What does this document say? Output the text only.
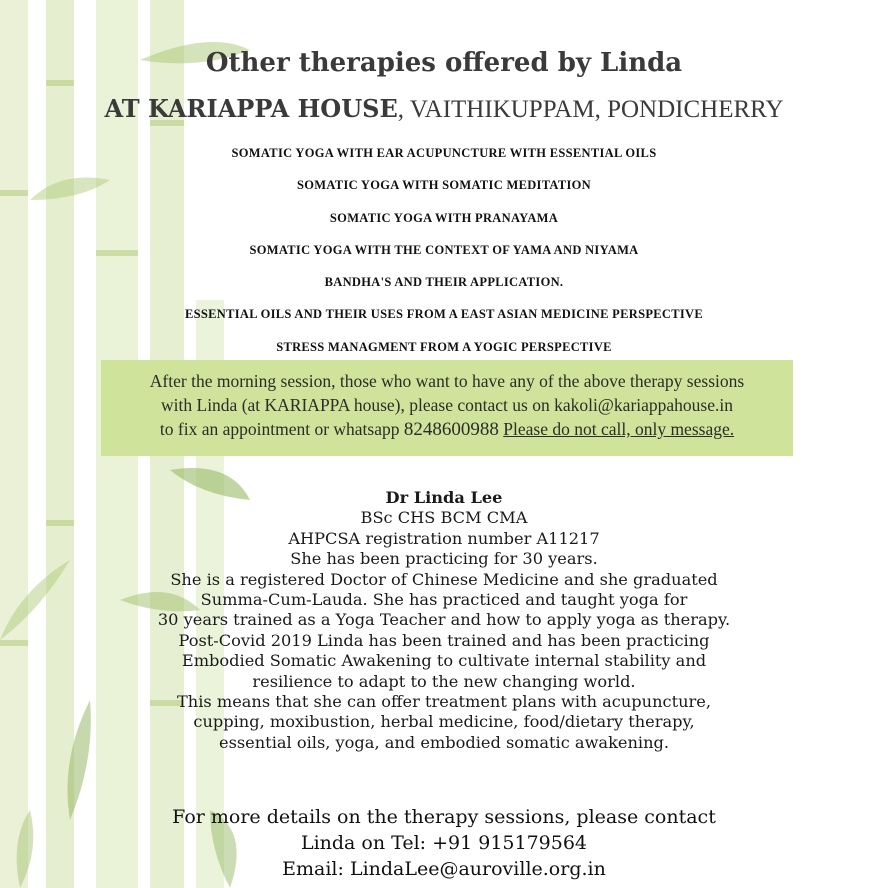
Other therapies offered by Linda
AT KARIAPPA HOUSE, VAITHIKUPPAM, PONDICHERRY
SOMATIC YOGA WITH EAR ACUPUNCTURE WITH ESSENTIAL OILS
SOMATIC YOGA WITH SOMATIC MEDITATION
SOMATIC YOGA WITH PRANAYAMA
SOMATIC YOGA WITH THE CONTEXT OF YAMA AND NIYAMA
BANDHA'S AND THEIR APPLICATION.
ESSENTIAL OILS AND THEIR USES FROM A EAST ASIAN MEDICINE PERSPECTIVE
STRESS MANAGMENT FROM A YOGIC PERSPECTIVE
After the morning session, those who want to have any of the above therapy sessions
with Linda (at KARIAPPA house), please contact us on kakoli@kariappahouse.in
to fix an appointment or whatsapp 8248600988 Please do not call, only message.
Dr Linda Lee
BSc CHS BCM CMA
AHPCSA registration number A11217
She has been practicing for 30 years.
She is a registered Doctor of Chinese Medicine and she graduated
Summa-Cum-Lauda. She has practiced and taught yoga for
30 years trained as a Yoga Teacher and how to apply yoga as therapy.
Post-Covid 2019 Linda has been trained and has been practicing
Embodied Somatic Awakening to cultivate internal stability and
resilience to adapt to the new changing world.
This means that she can offer treatment plans with acupuncture,
cupping, moxibustion, herbal medicine, food/dietary therapy,
essential oils, yoga, and embodied somatic awakening.
For more details on the therapy sessions, please contact
Linda on Tel: +91 915179564
Email: LindaLee@auroville.org.in
